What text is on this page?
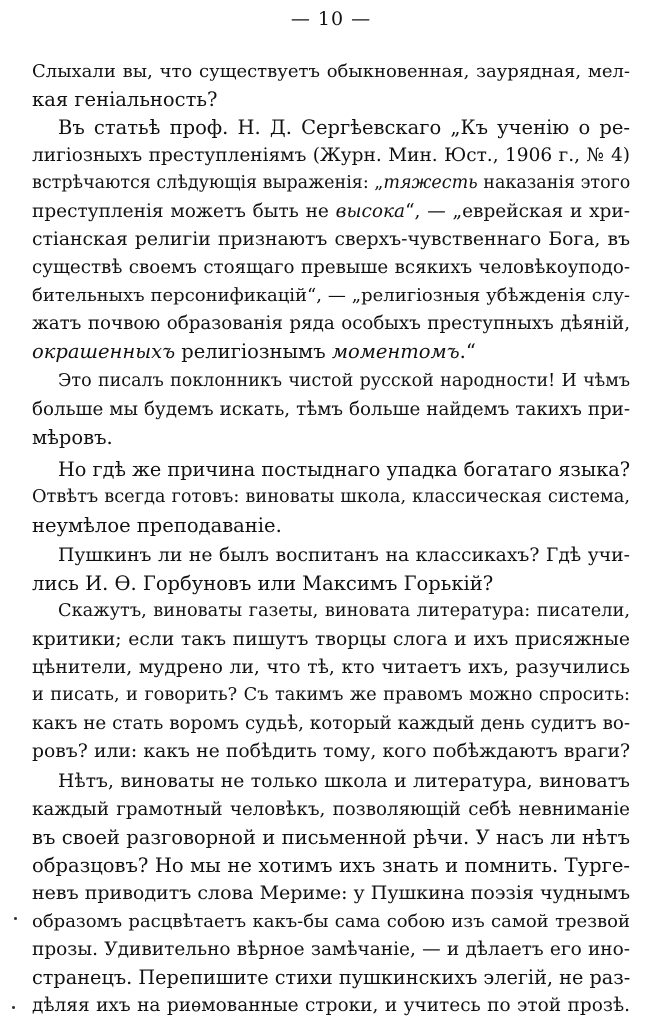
— 10 —
Слыхали вы, что существуетъ обыкновенная, заурядная, мел-
кая геніальность?
Въ статьѣ проф. Н. Д. Сергѣевскаго „Къ ученію о ре-
лигіозныхъ преступленіямъ (Журн. Мин. Юст., 1906 г., № 4)
встрѣчаются слѣдующія выраженія: „тяжесть наказанія этого
преступленія можетъ быть не высока“, — „еврейская и хри-
стіанская религіи признаютъ сверхъ-чувственнаго Бога, въ
существѣ своемъ стоящаго превыше всякихъ человѣкоуподо-
бительныхъ персонификацій“, — „религіозныя убѣжденія слу-
жатъ почвою образованія ряда особыхъ преступныхъ дѣяній,
окрашенныхъ религіознымъ моментомъ.“
Это писалъ поклонникъ чистой русской народности! И чѣмъ
больше мы будемъ искать, тѣмъ больше найдемъ такихъ при-
мѣровъ.
Но гдѣ же причина постыднаго упадка богатаго языка?
Отвѣтъ всегда готовъ: виноваты школа, классическая система,
неумѣлое преподаваніе.
Пушкинъ ли не былъ воспитанъ на классикахъ? Гдѣ учи-
лись И. Ѳ. Горбуновъ или Максимъ Горькій?
Скажутъ, виноваты газеты, виновата литература: писатели,
критики; если такъ пишутъ творцы слога и ихъ присяжные
цѣнители, мудрено ли, что тѣ, кто читаетъ ихъ, разучились
и писать, и говорить? Съ такимъ же правомъ можно спросить:
какъ не стать воромъ судьѣ, который каждый день судитъ во-
ровъ? или: какъ не побѣдить тому, кого побѣждаютъ враги?
Нѣтъ, виноваты не только школа и литература, виноватъ
каждый грамотный человѣкъ, позволяющій себѣ невниманіе
въ своей разговорной и письменной рѣчи. У насъ ли нѣтъ
образцовъ? Но мы не хотимъ ихъ знать и помнить. Турге-
невъ приводитъ слова Мериме: у Пушкина поэзія чуднымъ
образомъ расцвѣтаетъ какъ-бы сама собою изъ самой трезвой
прозы. Удивительно вѣрное замѣчаніе, — и дѣлаетъ его ино-
странецъ. Перепишите стихи пушкинскихъ элегій, не раз-
дѣляя ихъ на риѳмованные строки, и учитесь по этой прозѣ.
